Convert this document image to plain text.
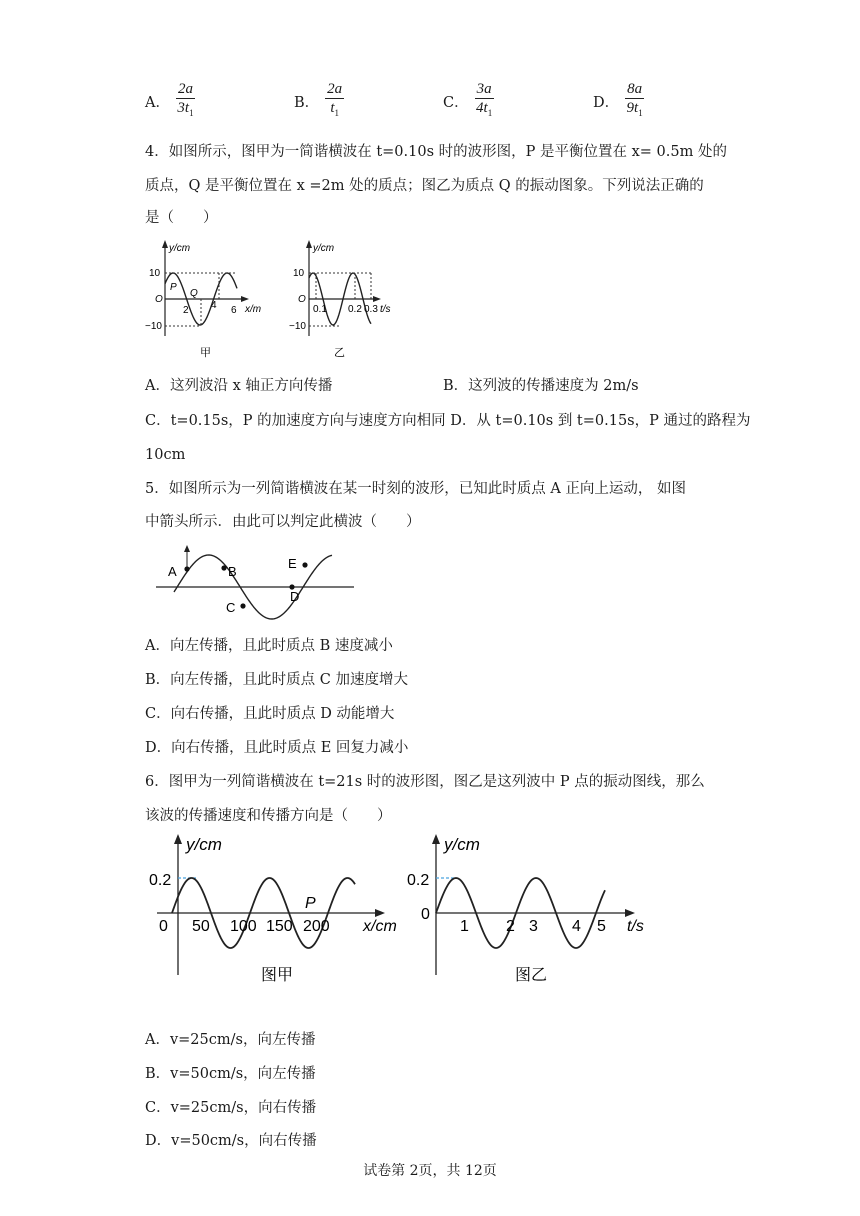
A． $\frac{2a}{3t_1}$	B． $\frac{2a}{t_1}$	C． $\frac{3a}{4t_1}$	D． $\frac{8a}{9t_1}$
4．如图所示，图甲为一简谐横波在 t=0.10s 时的波形图，P 是平衡位置在 x= 0.5m 处的
质点，Q 是平衡位置在 x =2m 处的质点；图乙为质点 Q 的振动图象。下列说法正确的
是（　　）
y/cm
10
−10
O
2 4 6 x/m
P
Q
甲
y/cm
10
−10
O
0.1 0.2 0.3 t/s
乙
A．这列波沿 x 轴正方向传播	B．这列波的传播速度为 2m/s
C．t=0.15s，P 的加速度方向与速度方向相同 D．从 t=0.10s 到 t=0.15s，P 通过的路程为
10cm
5．如图所示为一列简谐横波在某一时刻的波形，已知此时质点 A 正向上运动， 如图
中箭头所示．由此可以判定此横波（　　）
A	B
C
D
E
A．向左传播，且此时质点 B 速度减小
B．向左传播，且此时质点 C 加速度增大
C．向右传播，且此时质点 D 动能增大
D．向右传播，且此时质点 E 回复力减小
6．图甲为一列简谐横波在 t=21s 时的波形图，图乙是这列波中 P 点的振动图线，那么
该波的传播速度和传播方向是（　　）
y/cm
0.2
0 50 100 150 200
P
x/cm
图甲
y/cm
0.2
0
1 2 3 4 5 t/s
图乙
A．v=25cm/s，向左传播
B．v=50cm/s，向左传播
C．v=25cm/s，向右传播
D．v=50cm/s，向右传播
试卷第 2页，共 12页
